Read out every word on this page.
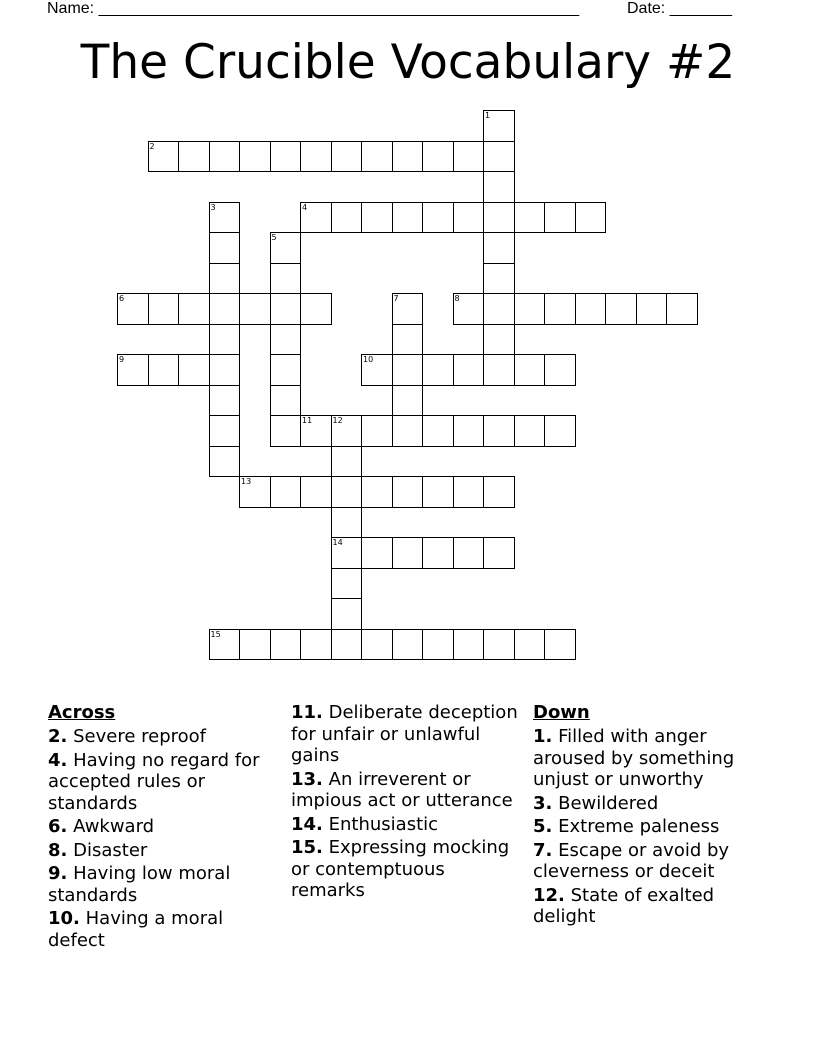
Name: ______________________________________________________	Date: _______
The Crucible Vocabulary #2
2
4
6	8
9	10
11	12
13
14
15
1
3
5
7
Across
2. Severe reproof
4. Having no regard for accepted rules or standards
6. Awkward
8. Disaster
9. Having low moral standards
10. Having a moral defect
11. Deliberate deception for unfair or unlawful gains
13. An irreverent or impious act or utterance
14. Enthusiastic
15. Expressing mocking or contemptuous remarks
Down
1. Filled with anger aroused by something unjust or unworthy
3. Bewildered
5. Extreme paleness
7. Escape or avoid by cleverness or deceit
12. State of exalted delight
